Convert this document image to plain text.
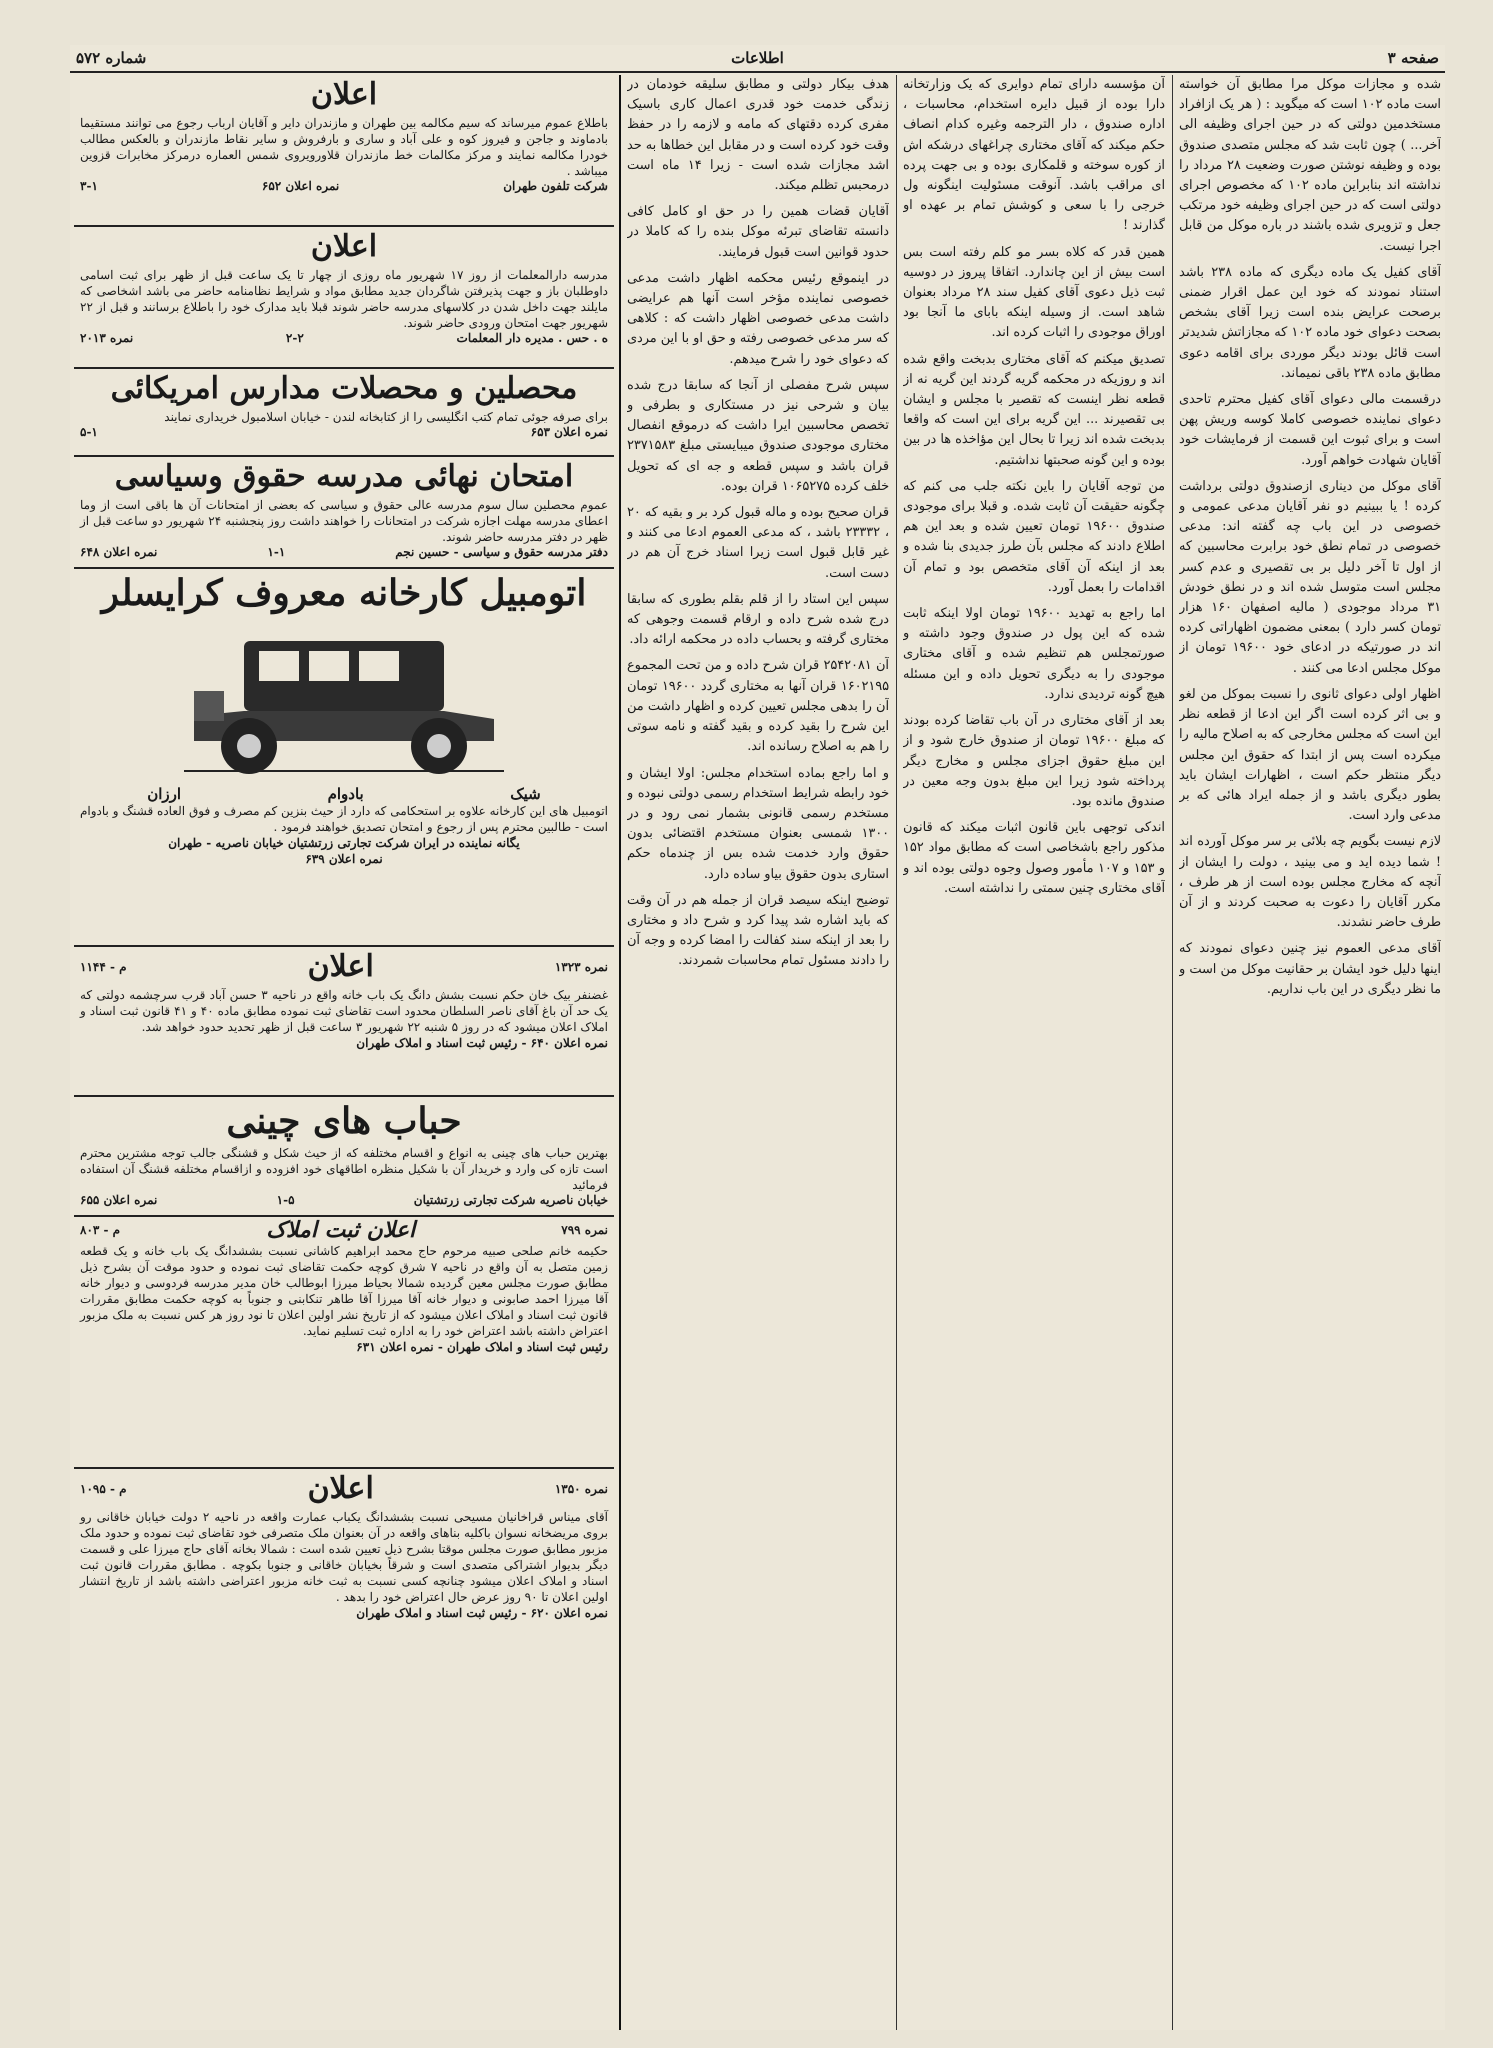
صفحه ۳
اطلاعات
شماره ۵۷۲

شده و مجازات موکل مرا مطابق آن خواسته است ماده ۱۰۲ است که میگوید : ( هر یک ازافراد مستخدمین دولتی که در حین اجرای وظیفه الی آخر... ) چون ثابت شد که مجلس متصدی صندوق بوده و وظیفه نوشتن صورت وضعیت ۲۸ مرداد را نداشته اند بنابراین ماده ۱۰۲ که مخصوص اجرای دولتی است که در حین اجرای وظیفه خود مرتکب جعل و تزویری شده باشند در باره موکل من قابل اجرا نیست.

آقای کفیل یک ماده دیگری که ماده ۲۳۸ باشد استناد نمودند که خود این عمل اقرار ضمنی برصحت عرایض بنده است زیرا آقای بشخص بصحت دعوای خود ماده ۱۰۲ که مجازاتش شدیدتر است قائل بودند دیگر موردی برای اقامه دعوی مطابق ماده ۲۳۸ باقی نمیماند.

درقسمت مالی دعوای آقای کفیل محترم تاحدی دعوای نماینده خصوصی کاملا کوسه وریش پهن است و برای ثبوت این قسمت از فرمایشات خود آقایان شهادت خواهم آورد.

آقای موکل من دیناری ازصندوق دولتی برداشت کرده ! یا ببینیم دو نفر آقایان مدعی عمومی و خصوصی در این باب چه گفته اند: مدعی خصوصی در تمام نطق خود برابرت محاسبین که از اول تا آخر دلیل بر بی تقصیری و عدم کسر مجلس است متوسل شده اند و در نطق خودش ۳۱ مرداد موجودی ( مالیه اصفهان ۱۶۰ هزار تومان کسر دارد ) بمعنی مضمون اظهاراتی کرده اند در صورتیکه در ادعای خود ۱۹۶۰۰ تومان از موکل مجلس ادعا می کنند .

اظهار اولی دعوای ثانوی را نسبت بموکل من لغو و بی اثر کرده است اگر این ادعا از قطعه نظر این است که مجلس مخارجی که به اصلاح مالیه را میکرده است پس از ابتدا که حقوق این مجلس دیگر منتظر حکم است ، اظهارات ایشان باید بطور دیگری باشد و از جمله ایراد هائی که بر مدعی وارد است.

لازم نیست بگویم چه بلائی بر سر موکل آورده اند ! شما دیده اید و می بینید ، دولت را ایشان از آنچه که مخارج مجلس بوده است از هر طرف ، مکرر آقایان را دعوت به صحبت کردند و از آن طرف حاضر نشدند.

آقای مدعی العموم نیز چنین دعوای نمودند که اینها دلیل خود ایشان بر حقانیت موکل من است و ما نظر دیگری در این باب نداریم.

آن مؤسسه دارای تمام دوایری که یک وزارتخانه دارا بوده از قبیل دایره استخدام، محاسبات ، اداره صندوق ، دار الترجمه وغیره کدام انصاف حکم میکند که آقای مختاری چراغهای درشکه اش از کوره سوخته و قلمکاری بوده و بی جهت پرده ای مراقب باشد. آنوقت مسئولیت اینگونه ول خرجی را با سعی و کوشش تمام بر عهده او گذارند !

همین قدر که کلاه بسر مو کلم رفته است بس است بیش از این چاندارد. اتفاقا پیروز در دوسیه ثبت ذیل دعوی آقای کفیل سند ۲۸ مرداد بعنوان شاهد است. از وسیله اینکه بابای ما آنجا بود اوراق موجودی را اثبات کرده اند.

تصدیق میکنم که آقای مختاری بدبخت واقع شده اند و روزیکه در محکمه گریه گردند این گریه نه از قطعه نظر اینست که تقصیر با مجلس و ایشان بی تقصیرند ... این گریه برای این است که واقعا بدبخت شده اند زیرا تا بحال این مؤاخذه ها در بین بوده و این گونه صحبتها نداشتیم.

من توجه آقایان را باین نکته جلب می کنم که چگونه حقیقت آن ثابت شده. و قبلا برای موجودی صندوق ۱۹۶۰۰ تومان تعیین شده و بعد این هم اطلاع دادند که مجلس بآن طرز جدیدی بنا شده و بعد از اینکه آن آقای متخصص بود و تمام آن اقدامات را بعمل آورد.

اما راجع به تهدید ۱۹۶۰۰ تومان اولا اینکه ثابت شده که این پول در صندوق وجود داشته و صورتمجلس هم تنظیم شده و آقای مختاری موجودی را به دیگری تحویل داده و این مسئله هیچ گونه تردیدی ندارد.

بعد از آقای مختاری در آن باب تقاضا کرده بودند که مبلغ ۱۹۶۰۰ تومان از صندوق خارج شود و از این مبلغ حقوق اجزای مجلس و مخارج دیگر پرداخته شود زیرا این مبلغ بدون وجه معین در صندوق مانده بود.

اندکی توجهی باین قانون اثبات میکند که قانون مذکور راجع باشخاصی است که مطابق مواد ۱۵۲ و ۱۵۳ و ۱۰۷ مأمور وصول وجوه دولتی بوده اند و آقای مختاری چنین سمتی را نداشته است.

هدف بیکار دولتی و مطابق سلیقه خودمان در زندگی خدمت خود قدری اعمال کاری باسیک مفری کرده دقتهای که مامه و لازمه را در حفظ وقت خود کرده است و در مقابل این خطاها به حد اشد مجازات شده است - زیرا ۱۴ ماه است درمحبس تظلم میکند.

آقایان قضات همین را در حق او کامل کافی دانسته تقاضای تبرئه موکل بنده را که کاملا در حدود قوانین است قبول فرمایند.

در اینموقع رئیس محکمه اظهار داشت مدعی خصوصی نماینده مؤخر است آنها هم عرایضی داشت مدعی خصوصی اظهار داشت که : کلاهی که سر مدعی خصوصی رفته و حق او با این مردی که دعوای خود را شرح میدهم.

سپس شرح مفصلی از آنجا که سابقا درج شده بیان و شرحی نیز در مستکاری و بطرفی و تخصص محاسبین ایرا داشت که درموقع انفصال مختاری موجودی صندوق میبایستی مبلغ ۲۳۷۱۵۸۳ قران باشد و سپس قطعه و جه ای که تحویل خلف کرده ۱۰۶۵۲۷۵ قران بوده.

قران صحیح بوده و ماله قبول کرد بر و بقیه که ۲۰ ، ۲۳۳۳۲ باشد ، که مدعی العموم ادعا می کنند و غیر قابل قبول است زیرا اسناد خرج آن هم در دست است.

سپس این استاد را از قلم بقلم بطوری که سابقا درج شده شرح داده و ارقام قسمت وجوهی که مختاری گرفته و بحساب داده در محکمه ارائه داد.

آن ۲۵۴۲۰۸۱ قران شرح داده و من تحت المجموع ۱۶۰۲۱۹۵ قران آنها به مختاری گردد ۱۹۶۰۰ تومان آن را بدهی مجلس تعیین کرده و اظهار داشت من این شرح را بقید کرده و بقید گفته و نامه سوتی را هم به اصلاح رسانده اند.

و اما راجع بماده استخدام مجلس: اولا ایشان و خود رابطه شرایط استخدام رسمی دولتی نبوده و مستخدم رسمی قانونی بشمار نمی رود و در ۱۳۰۰ شمسی بعنوان مستخدم اقتضائی بدون حقوق وارد خدمت شده بس از چندماه حکم استاری بدون حقوق بیاو ساده دارد.

توضیح اینکه سیصد قران از جمله هم در آن وقت که باید اشاره شد پیدا کرد و شرح داد و مختاری را بعد از اینکه سند کفالت را امضا کرده و وجه آن را دادند مسئول تمام محاسبات شمردند.

اعلان
باطلاع عموم میرساند که سیم مکالمه بین طهران و مازندران دایر و آقایان ارباب رجوع می توانند مستقیما بادماوند و جاجن و فیروز کوه و علی آباد و ساری و بارفروش و سایر نقاط مازندران و بالعکس مطالب خودرا مکالمه نمایند و مرکز مکالمات خط مازندران قلاورویروی شمس العماره درمرکز مخابرات قزوین میباشد .
شرکت تلفون طهران
نمره اعلان ۶۵۲
۳-۱
اعلان
مدرسه دارالمعلمات از روز ۱۷ شهریور ماه روزی از چهار تا یک ساعت قبل از ظهر برای ثبت اسامی داوطلبان باز و جهت پذیرفتن شاگردان جدید مطابق مواد و شرایط نظامنامه حاضر می باشد اشخاصی که مایلند جهت داخل شدن در کلاسهای مدرسه حاضر شوند قبلا باید مدارک خود را باطلاع برسانند و قبل از ۲۲ شهریور جهت امتحان ورودی حاضر شوند.
ه . حس . مدیره دار المعلمات
۲-۲
نمره ۲۰۱۳
محصلین و محصلات مدارس امریکائی
برای صرفه جوئی تمام کتب انگلیسی را از کتابخانه لندن - خیابان اسلامبول خریداری نمایند
نمره اعلان ۶۵۳
۵-۱
امتحان نهائی مدرسه حقوق وسیاسی
عموم محصلین سال سوم مدرسه عالی حقوق و سیاسی که بعضی از امتحانات آن ها باقی است از وما اعطای مدرسه مهلت اجازه شرکت در امتحانات را خواهند داشت روز پنجشنبه ۲۴ شهریور دو ساعت قبل از ظهر در دفتر مدرسه حاضر شوند.
دفتر مدرسه حقوق و سیاسی - حسین نجم
۱-۱
نمره اعلان ۶۴۸
اتومبیل کارخانه معروف کرایسلر
شیک
بادوام
ارزان
اتومبیل های این کارخانه علاوه بر استحکامی که دارد از حیث بنزین کم مصرف و فوق العاده قشنگ و بادوام است - طالبین محترم پس از رجوع و امتحان تصدیق خواهند فرمود .
یگانه نماینده در ایران شرکت تجارتی زرتشتیان خیابان ناصریه - طهران
نمره اعلان ۶۳۹
نمره ۱۳۲۳
اعلان
م - ۱۱۴۴
غضنفر بیک خان حکم نسبت بشش دانگ یک باب خانه واقع در ناحیه ۳ حسن آباد قرب سرچشمه دولتی که یک حد آن باغ آقای ناصر السلطان محدود است تقاضای ثبت نموده مطابق ماده ۴۰ و ۴۱ قانون ثبت اسناد و املاک اعلان میشود که در روز ۵ شنبه ۲۲ شهریور ۳ ساعت قبل از ظهر تحدید حدود خواهد شد.
نمره اعلان ۶۴۰ - رئیس ثبت اسناد و املاک طهران
حباب های چینی
بهترین حباب های چینی به انواع و اقسام مختلفه که از حیث شکل و قشنگی جالب توجه مشترین محترم است تازه کی وارد و خریدار آن با شکیل منظره اطاقهای خود افزوده و ازاقسام مختلفه قشنگ آن استفاده فرمائید
خیابان ناصریه شرکت تجارتی زرتشتیان
۱-۵
نمره اعلان ۶۵۵
نمره ۷۹۹
اعلان ثبت املاک
م - ۸۰۳
حکیمه خانم صلحی صبیه مرحوم حاج محمد ابراهیم کاشانی نسبت بششدانگ یک باب خانه و یک قطعه زمین متصل به آن واقع در ناحیه ۷ شرق کوچه حکمت تقاضای ثبت نموده و حدود موقت آن بشرح ذیل مطابق صورت مجلس معین گردیده شمالا بحیاط میرزا ابوطالب خان مدیر مدرسه فردوسی و دیوار خانه آقا میرزا احمد صابونی و دیوار خانه آقا میرزا آقا طاهر تنکابنی و جنوباً به کوچه حکمت مطابق مقررات قانون ثبت اسناد و املاک اعلان میشود که از تاریخ نشر اولین اعلان تا نود روز هر کس نسبت به ملک مزبور اعتراض داشته باشد اعتراض خود را به اداره ثبت تسلیم نماید.
رئیس ثبت اسناد و املاک طهران - نمره اعلان ۶۳۱
نمره ۱۳۵۰
اعلان
م - ۱۰۹۵
آقای میناس قراخانیان مسیحی نسبت بششدانگ یکباب عمارت واقعه در ناحیه ۲ دولت خیابان خاقانی رو بروی مریضخانه نسوان باکلیه بناهای واقعه در آن بعنوان ملک متصرفی خود تقاضای ثبت نموده و حدود ملک مزبور مطابق صورت مجلس موقتا بشرح ذیل تعیین شده است : شمالا بخانه آقای حاج میرزا علی و قسمت دیگر بدیوار اشتراکی متصدی است و شرقاً بخیابان خاقانی و جنوبا بکوچه . مطابق مقررات قانون ثبت اسناد و املاک اعلان میشود چنانچه کسی نسبت به ثبت خانه مزبور اعتراضی داشته باشد از تاریخ انتشار اولین اعلان تا ۹۰ روز عرض حال اعتراض خود را بدهد .
نمره اعلان ۶۲۰ - رئیس ثبت اسناد و املاک طهران
